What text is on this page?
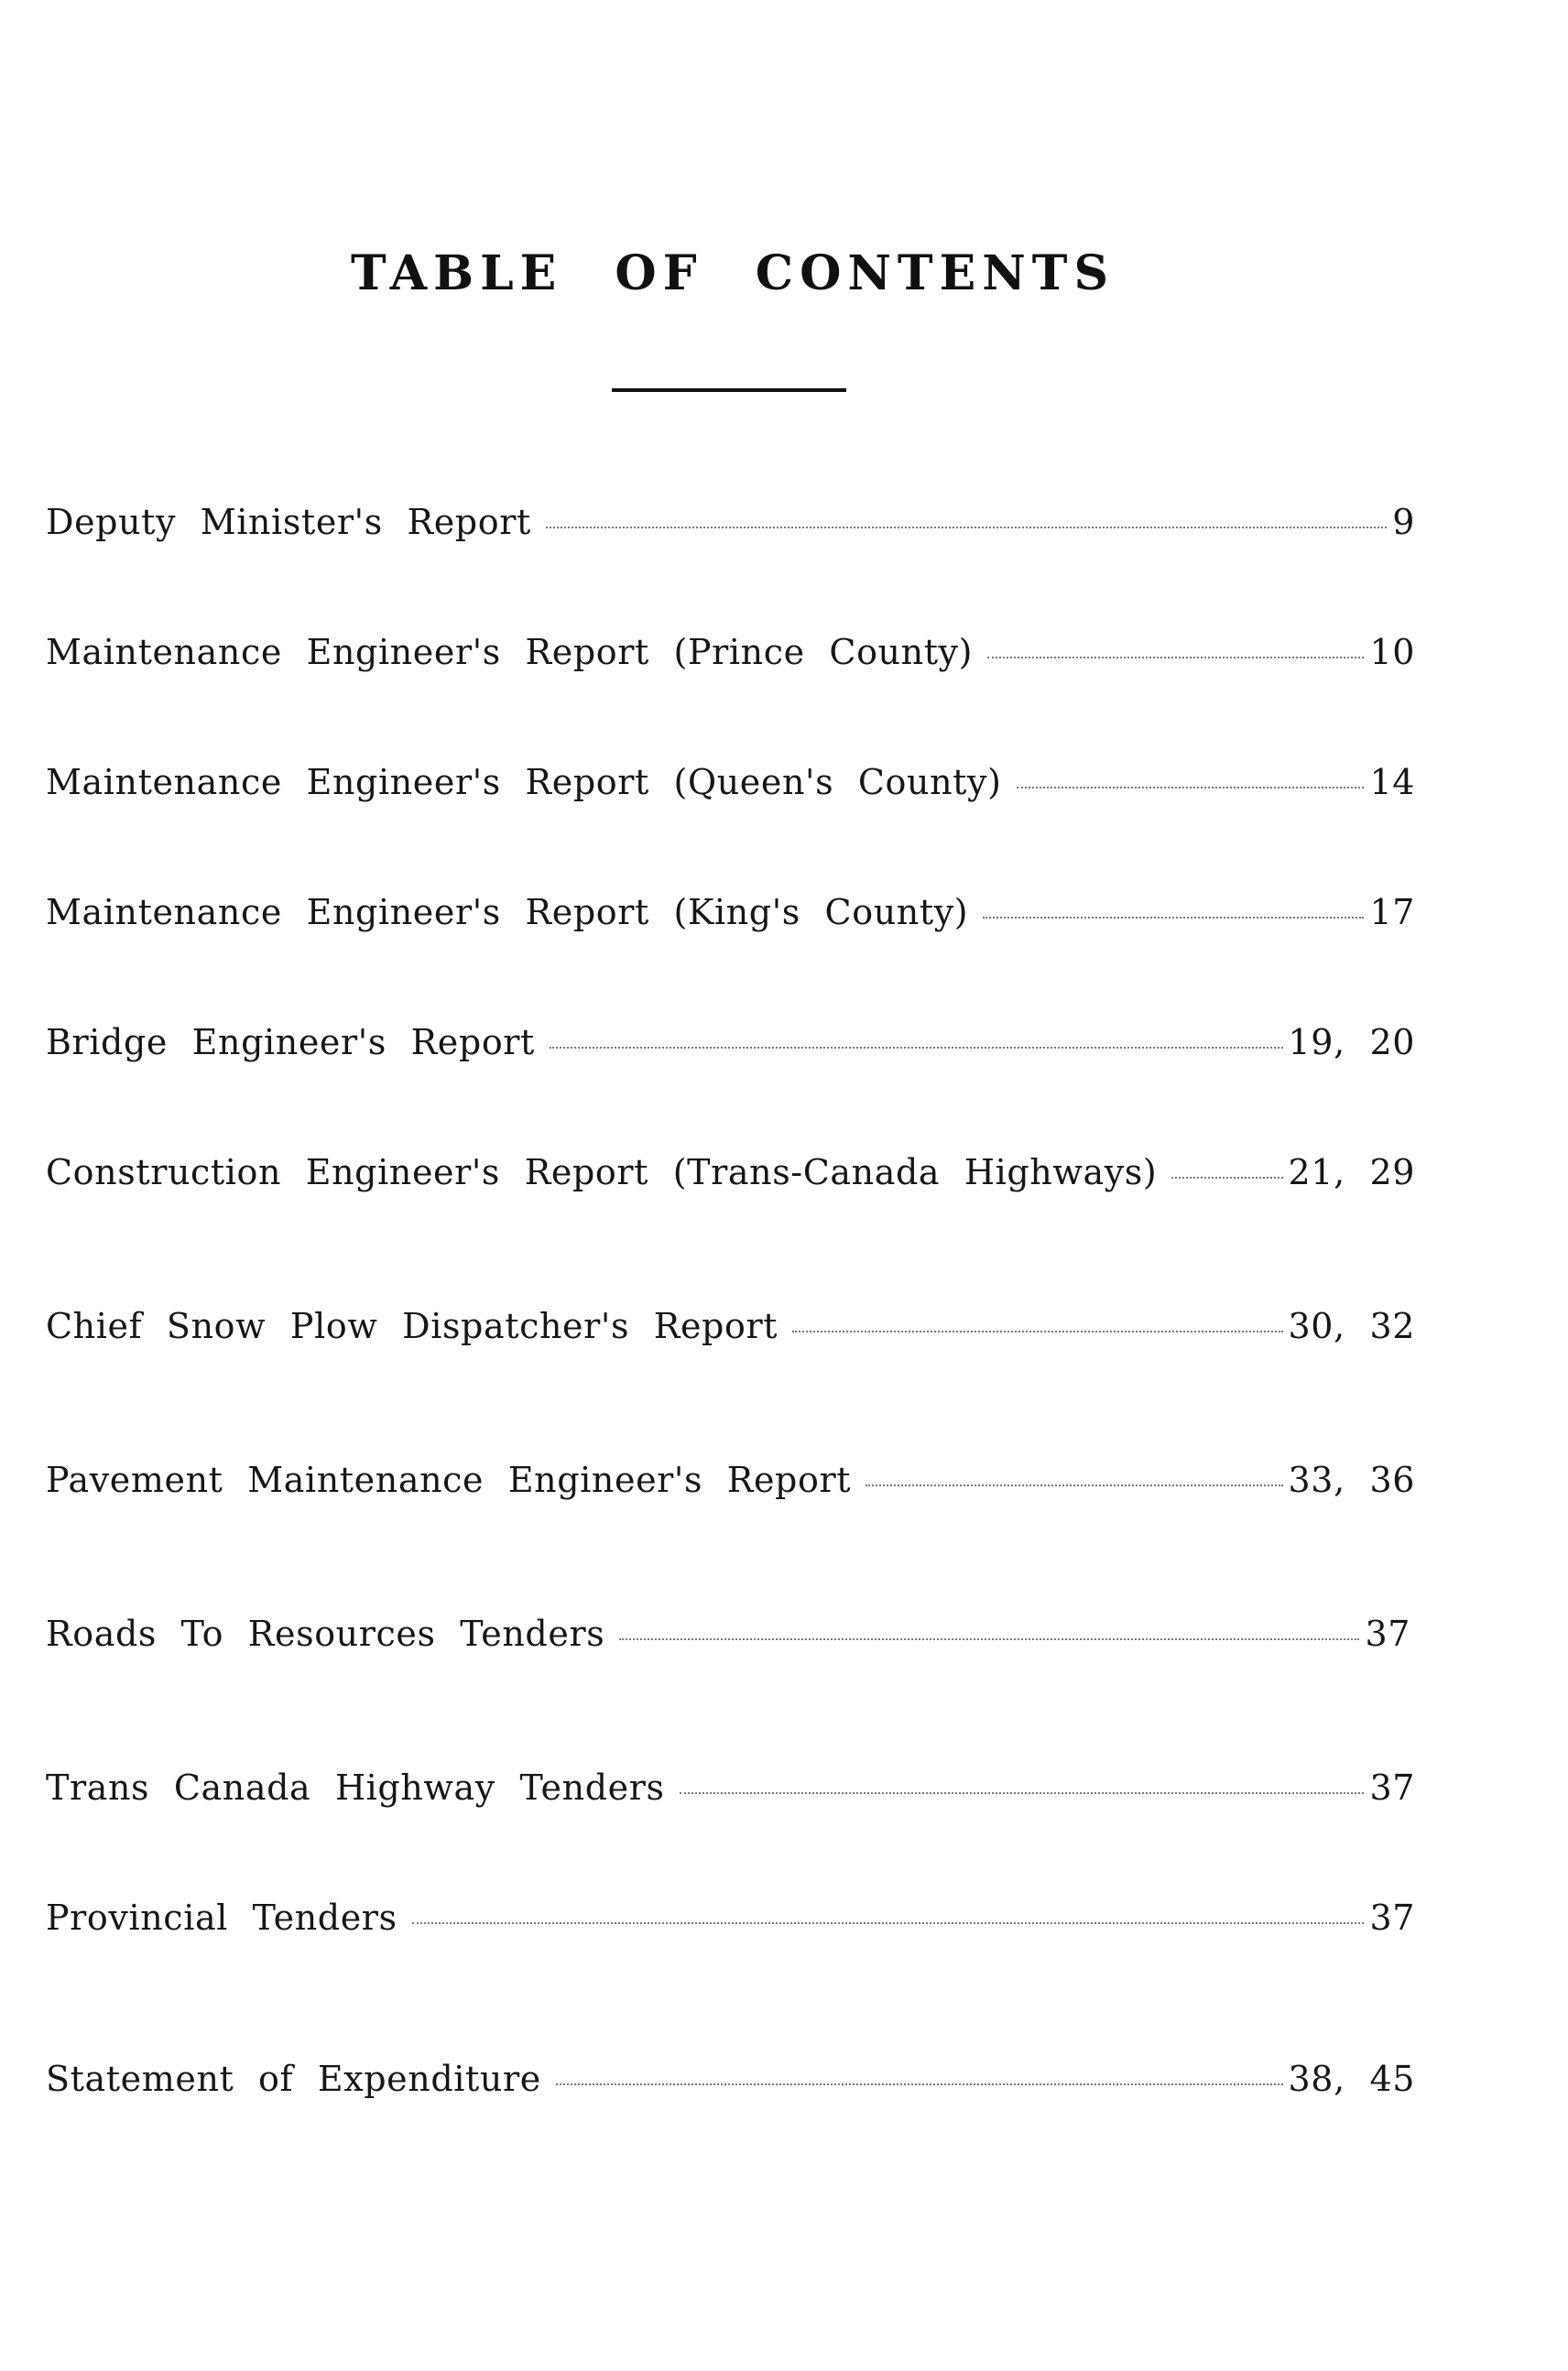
TABLE OF CONTENTS
Deputy Minister's Report	9
Maintenance Engineer's Report (Prince County)	10
Maintenance Engineer's Report (Queen's County)	14
Maintenance Engineer's Report (King's County)	17
Bridge Engineer's Report	19, 20
Construction Engineer's Report (Trans-Canada Highways)	21, 29
Chief Snow Plow Dispatcher's Report	30, 32
Pavement Maintenance Engineer's Report	33, 36
Roads To Resources Tenders	37
Trans Canada Highway Tenders	37
Provincial Tenders	37
Statement of Expenditure	38, 45
